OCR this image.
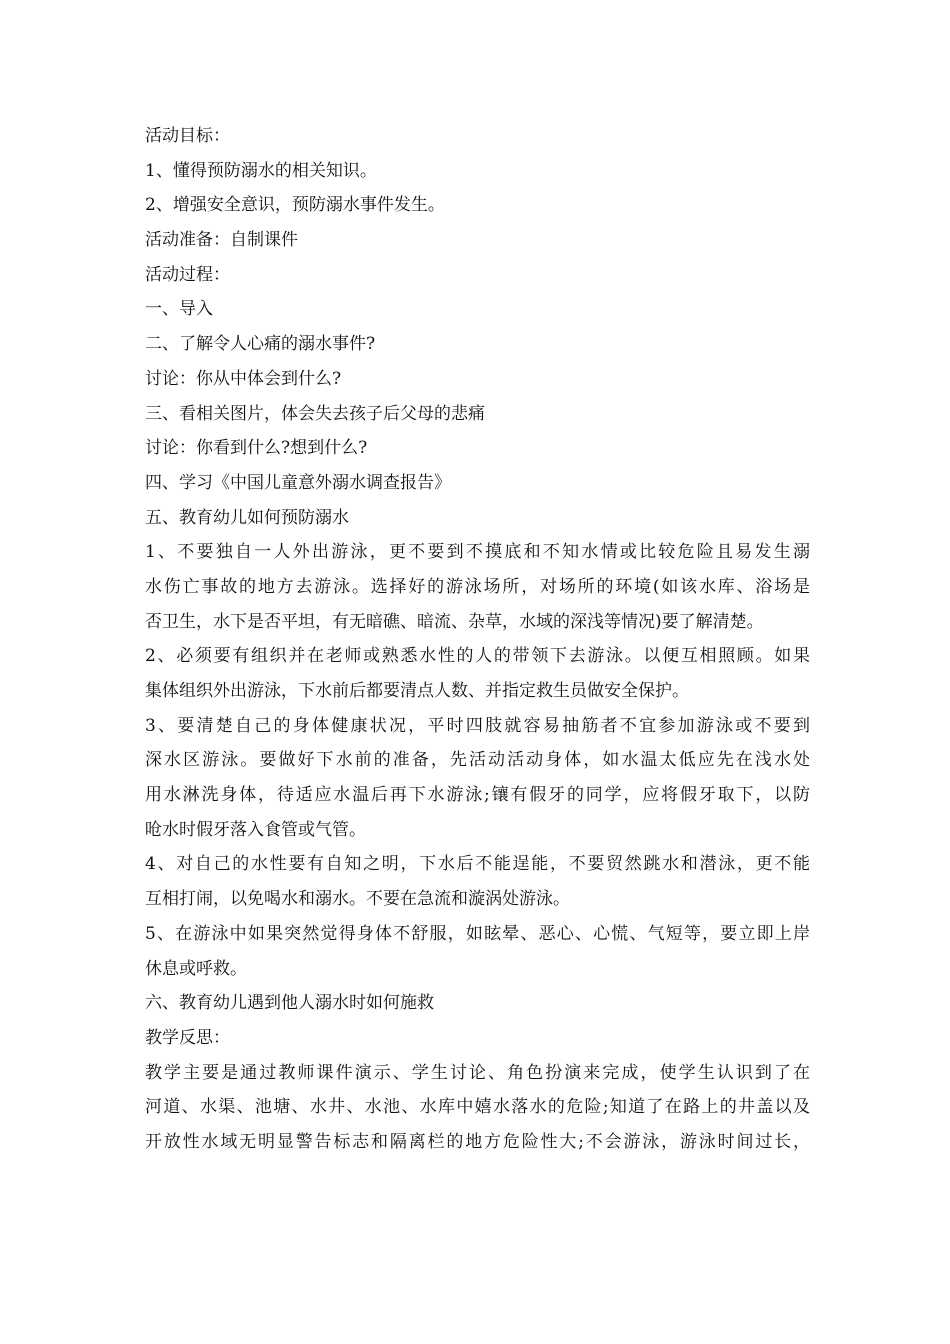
活动目标：
1、懂得预防溺水的相关知识。
2、增强安全意识，预防溺水事件发生。
活动准备：自制课件
活动过程：
一、导入
二、了解令人心痛的溺水事件?
讨论：你从中体会到什么?
三、看相关图片，体会失去孩子后父母的悲痛
讨论：你看到什么?想到什么?
四、学习《中国儿童意外溺水调查报告》
五、教育幼儿如何预防溺水
1、不要独自一人外出游泳，更不要到不摸底和不知水情或比较危险且易发生溺
水伤亡事故的地方去游泳。选择好的游泳场所，对场所的环境(如该水库、浴场是
否卫生，水下是否平坦，有无暗礁、暗流、杂草，水域的深浅等情况)要了解清楚。
2、必须要有组织并在老师或熟悉水性的人的带领下去游泳。以便互相照顾。如果
集体组织外出游泳，下水前后都要清点人数、并指定救生员做安全保护。
3、要清楚自己的身体健康状况，平时四肢就容易抽筋者不宜参加游泳或不要到
深水区游泳。要做好下水前的准备，先活动活动身体，如水温太低应先在浅水处
用水淋洗身体，待适应水温后再下水游泳;镶有假牙的同学，应将假牙取下，以防
呛水时假牙落入食管或气管。
4、对自己的水性要有自知之明，下水后不能逞能，不要贸然跳水和潜泳，更不能
互相打闹，以免喝水和溺水。不要在急流和漩涡处游泳。
5、在游泳中如果突然觉得身体不舒服，如眩晕、恶心、心慌、气短等，要立即上岸
休息或呼救。
六、教育幼儿遇到他人溺水时如何施救
教学反思：
教学主要是通过教师课件演示、学生讨论、角色扮演来完成，使学生认识到了在
河道、水渠、池塘、水井、水池、水库中嬉水落水的危险;知道了在路上的井盖以及
开放性水域无明显警告标志和隔离栏的地方危险性大;不会游泳，游泳时间过长，
